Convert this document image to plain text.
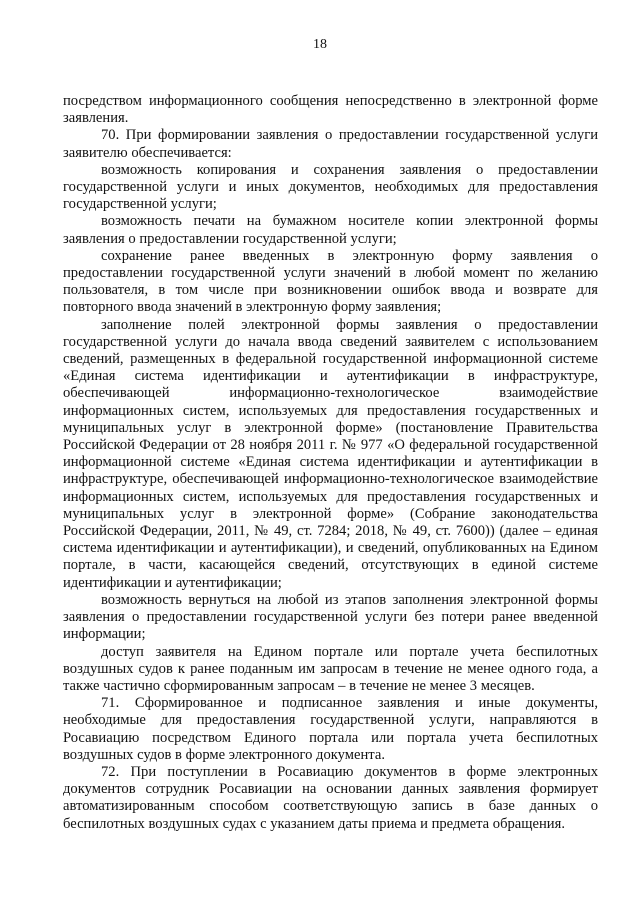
18

посредством информационного сообщения непосредственно в электронной форме заявления.

70. При формировании заявления о предоставлении государственной услуги заявителю обеспечивается:

возможность копирования и сохранения заявления о предоставлении государственной услуги и иных документов, необходимых для предоставления государственной услуги;

возможность печати на бумажном носителе копии электронной формы заявления о предоставлении государственной услуги;

сохранение ранее введенных в электронную форму заявления о предоставлении государственной услуги значений в любой момент по желанию пользователя, в том числе при возникновении ошибок ввода и возврате для повторного ввода значений в электронную форму заявления;

заполнение полей электронной формы заявления о предоставлении государственной услуги до начала ввода сведений заявителем с использованием сведений, размещенных в федеральной государственной информационной системе «Единая система идентификации и аутентификации в инфраструктуре, обеспечивающей информационно-технологическое взаимодействие информационных систем, используемых для предоставления государственных и муниципальных услуг в электронной форме» (постановление Правительства Российской Федерации от 28 ноября 2011 г. № 977 «О федеральной государственной информационной системе «Единая система идентификации и аутентификации в инфраструктуре, обеспечивающей информационно-технологическое взаимодействие информационных систем, используемых для предоставления государственных и муниципальных услуг в электронной форме» (Собрание законодательства Российской Федерации, 2011, № 49, ст. 7284; 2018, № 49, ст. 7600)) (далее – единая система идентификации и аутентификации), и сведений, опубликованных на Едином портале, в части, касающейся сведений, отсутствующих в единой системе идентификации и аутентификации;

возможность вернуться на любой из этапов заполнения электронной формы заявления о предоставлении государственной услуги без потери ранее введенной информации;

доступ заявителя на Едином портале или портале учета беспилотных воздушных судов к ранее поданным им запросам в течение не менее одного года, а также частично сформированным запросам – в течение не менее 3 месяцев.

71. Сформированное и подписанное заявления и иные документы, необходимые для предоставления государственной услуги, направляются в Росавиацию посредством Единого портала или портала учета беспилотных воздушных судов в форме электронного документа.

72. При поступлении в Росавиацию документов в форме электронных документов сотрудник Росавиации на основании данных заявления формирует автоматизированным способом соответствующую запись в базе данных о беспилотных воздушных судах с указанием даты приема и предмета обращения.
